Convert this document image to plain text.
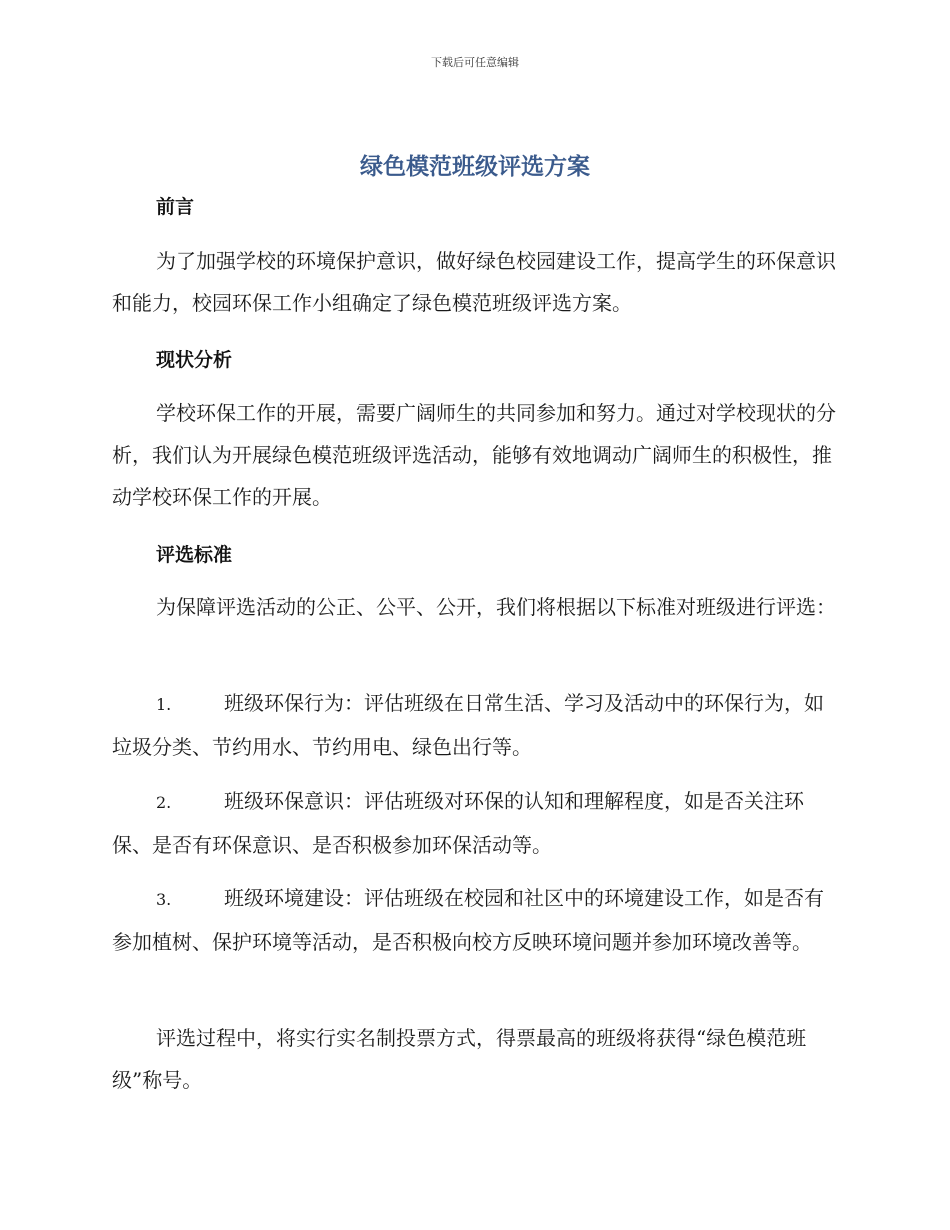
下载后可任意编辑
绿色模范班级评选方案
前言

为了加强学校的环境保护意识，做好绿色校园建设工作，提高学生的环保意识和能力，校园环保工作小组确定了绿色模范班级评选方案。

现状分析

学校环保工作的开展，需要广阔师生的共同参加和努力。通过对学校现状的分析，我们认为开展绿色模范班级评选活动，能够有效地调动广阔师生的积极性，推动学校环保工作的开展。

评选标准

为保障评选活动的公正、公平、公开，我们将根据以下标准对班级进行评选：

1.	班级环保行为：评估班级在日常生活、学习及活动中的环保行为，如垃圾分类、节约用水、节约用电、绿色出行等。

2.	班级环保意识：评估班级对环保的认知和理解程度，如是否关注环保、是否有环保意识、是否积极参加环保活动等。

3.	班级环境建设：评估班级在校园和社区中的环境建设工作，如是否有参加植树、保护环境等活动，是否积极向校方反映环境问题并参加环境改善等。

评选过程中，将实行实名制投票方式，得票最高的班级将获得“绿色模范班级”称号。
